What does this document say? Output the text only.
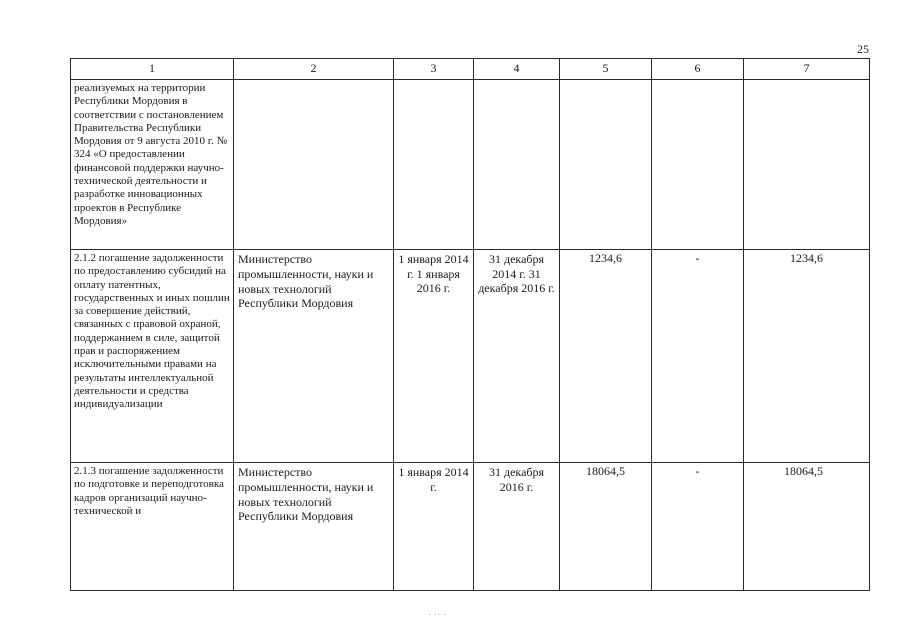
25
1	2	3	4	5	6	7
реализуемых на территории Республики Мордовия в соответствии с постановлением Правительства Республики Мордовия от 9 августа 2010 г. № 324 «О предоставлении финансовой поддержки научно-технической деятельности и разработке инновационных проектов в Республике Мордовия»						
2.1.2 погашение задолженности по предоставлению субсидий на оплату патентных, государственных и иных пошлин за совершение действий, связанных с правовой охраной, поддержанием в силе, защитой прав и распоряжением исключительными правами на результаты интеллектуальной деятельности и средства индивидуализации	Министерство промышленности, науки и новых технологий Республики Мордовия	1 января 2014 г. 1 января 2016 г.	31 декабря 2014 г. 31 декабря 2016 г.	1234,6	-	1234,6
2.1.3 погашение задолженности по подготовке и переподготовка кадров организаций научно-технической и	Министерство промышленности, науки и новых технологий Республики Мордовия	1 января 2014 г.	31 декабря 2016 г.	18064,5	-	18064,5
· ·· ·
